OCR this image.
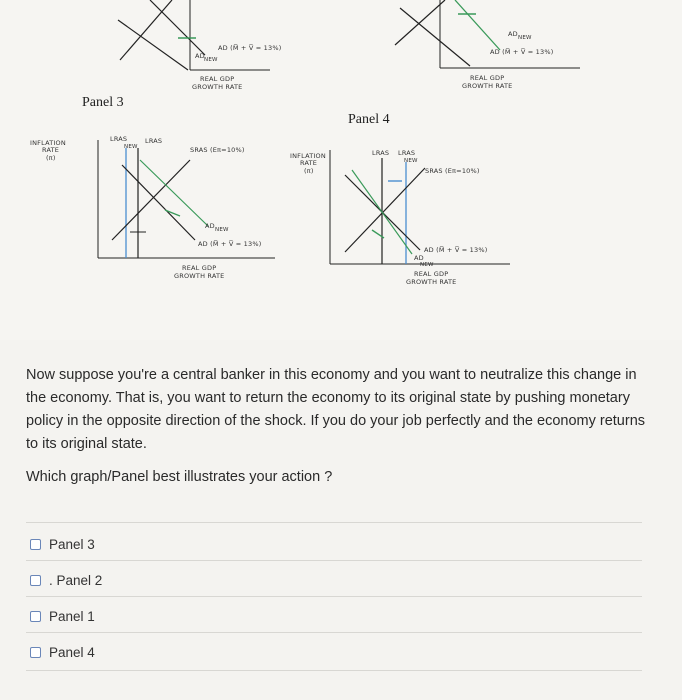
AD (M̅ + V̅ = 13%)
AD NEW
REAL GDP
GROWTH RATE
AD NEW
AD (M̅ + V̅ = 13%)
REAL GDP
GROWTH RATE
Panel 3
Panel 4
INFLATION
RATE
(π)
LRAS
NEW
LRAS
SRAS (Eπ=10%)
AD NEW
AD (M̅ + V̅ = 13%)
REAL GDP
GROWTH RATE
INFLATION
RATE
(π)
LRAS LRAS
NEW
SRAS (Eπ=10%)
AD (M̅ + V̅ = 13%)
AD
NEW
REAL GDP
GROWTH RATE

Now suppose you're a central banker in this economy and you want to neutralize this change in the economy. That is, you want to return the economy to its original state by pushing monetary policy in the opposite direction of the shock. If you do your job perfectly and the economy returns to its original state.

Which graph/Panel best illustrates your action ?

Panel 3
. Panel 2
Panel 1
Panel 4
